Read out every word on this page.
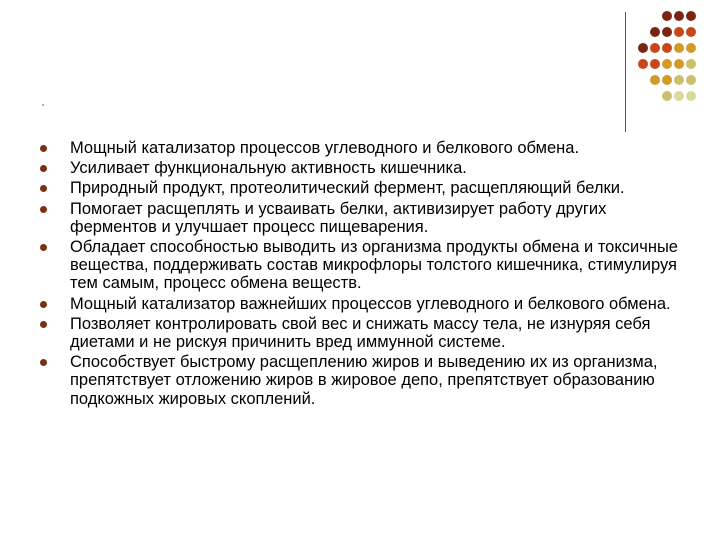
Мощный катализатор процессов углеводного и белкового обмена.
Усиливает функциональную активность кишечника.
Природный продукт, протеолитический фермент, расщепляющий белки.
Помогает расщеплять и усваивать белки, активизирует работу других ферментов и улучшает процесс пищеварения.
Обладает способностью выводить из организма продукты обмена и токсичные вещества, поддерживать состав микрофлоры толстого кишечника, стимулируя тем самым, процесс обмена веществ.
Мощный катализатор важнейших процессов углеводного и белкового обмена.
Позволяет контролировать свой вес и снижать массу тела, не изнуряя себя диетами и не рискуя причинить вред иммунной системе.
Способствует быстрому расщеплению жиров и выведению их из организма, препятствует отложению жиров в жировое депо, препятствует образованию подкожных жировых скоплений.
